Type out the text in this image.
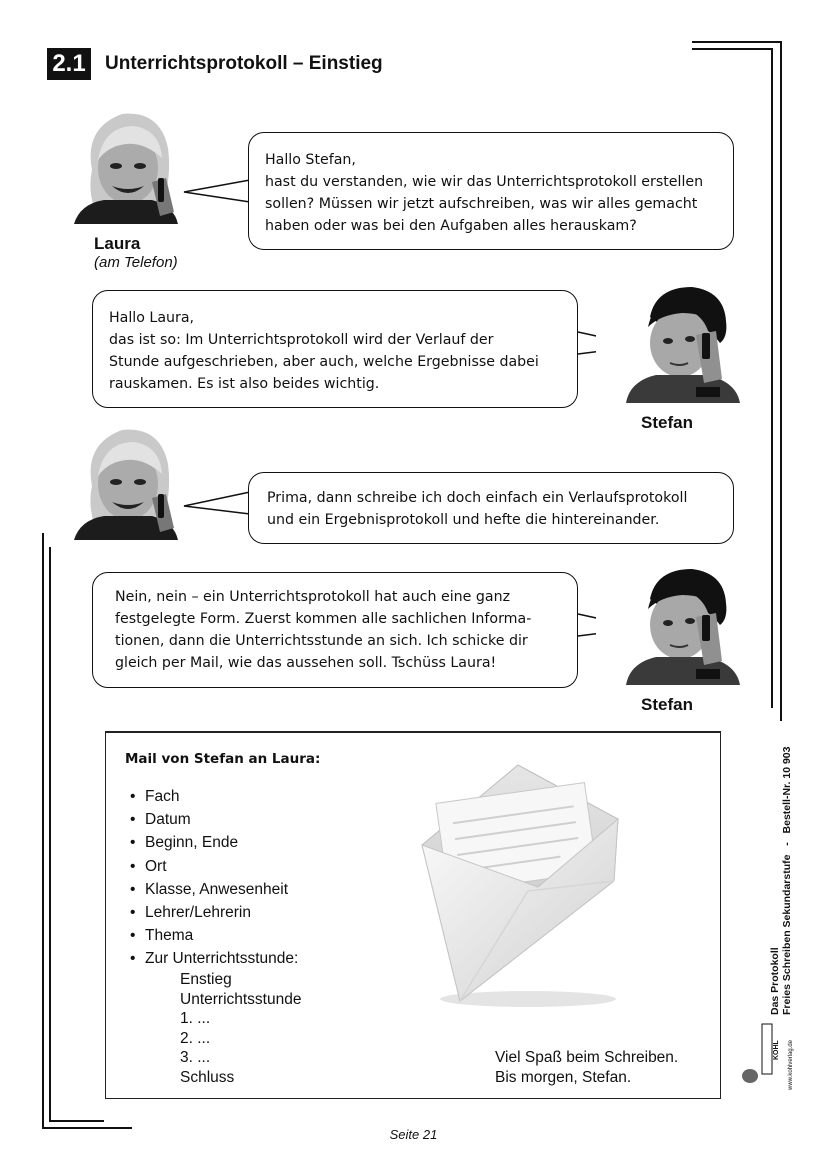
2.1 Unterrichtsprotokoll – Einstieg

Hallo Stefan,

hast du verstanden, wie wir das Unterrichtsprotokoll erstellen

sollen? Müssen wir jetzt aufschreiben, was wir alles gemacht

haben oder was bei den Aufgaben alles herauskam?

Laura
(am Telefon)

Hallo Laura,

das ist so: Im Unterrichtsprotokoll wird der Verlauf der

Stunde aufgeschrieben, aber auch, welche Ergebnisse dabei

rauskamen. Es ist also beides wichtig.

Stefan

Prima, dann schreibe ich doch einfach ein Verlaufsprotokoll

und ein Ergebnisprotokoll und hefte die hintereinander.

Nein, nein – ein Unterrichtsprotokoll hat auch eine ganz

festgelegte Form. Zuerst kommen alle sachlichen Informa-

tionen, dann die Unterrichtsstunde an sich. Ich schicke dir

gleich per Mail, wie das aussehen soll. Tschüss Laura!

Stefan
Mail von Stefan an Laura:
• Fach
• Datum
• Beginn, Ende
• Ort
• Klasse, Anwesenheit
• Lehrer/Lehrerin
• Thema
• Zur Unterrichtsstunde:
Enstieg
Unterrichtsstunde
1. ...
2. ...
3. ...
Schluss
Viel Spaß beim Schreiben.
Bis morgen, Stefan.
Das Protokoll Freies Schreiben Sekundarstufe   -   Bestell-Nr. 10 903
KOHL	www.kohlverlag.de
Seite 21
